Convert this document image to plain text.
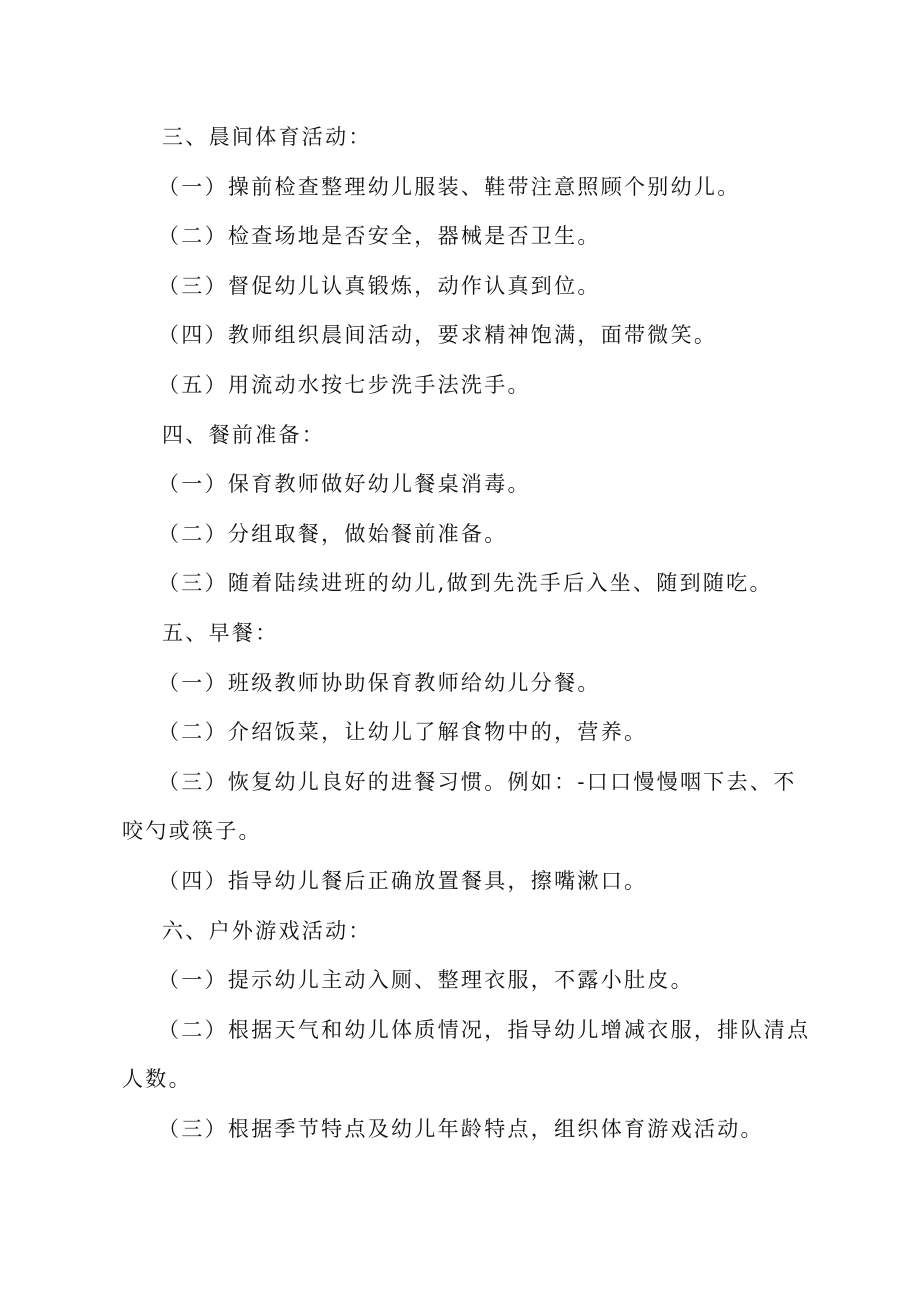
三、晨间体育活动：

（一）操前检查整理幼儿服装、鞋带注意照顾个别幼儿。

（二）检查场地是否安全，器械是否卫生。

（三）督促幼儿认真锻炼，动作认真到位。

（四）教师组织晨间活动，要求精神饱满，面带微笑。

（五）用流动水按七步洗手法洗手。

四、餐前准备：

（一）保育教师做好幼儿餐桌消毒。

（二）分组取餐，做始餐前准备。

（三）随着陆续进班的幼儿,做到先洗手后入坐、随到随吃。

五、早餐：

（一）班级教师协助保育教师给幼儿分餐。

（二）介绍饭菜，让幼儿了解食物中的，营养。

（三）恢复幼儿良好的进餐习惯。例如：-口口慢慢咽下去、不咬勺或筷子。

（四）指导幼儿餐后正确放置餐具，擦嘴漱口。

六、户外游戏活动：

（一）提示幼儿主动入厕、整理衣服，不露小肚皮。

（二）根据天气和幼儿体质情况，指导幼儿增减衣服，排队清点人数。

（三）根据季节特点及幼儿年龄特点，组织体育游戏活动。
